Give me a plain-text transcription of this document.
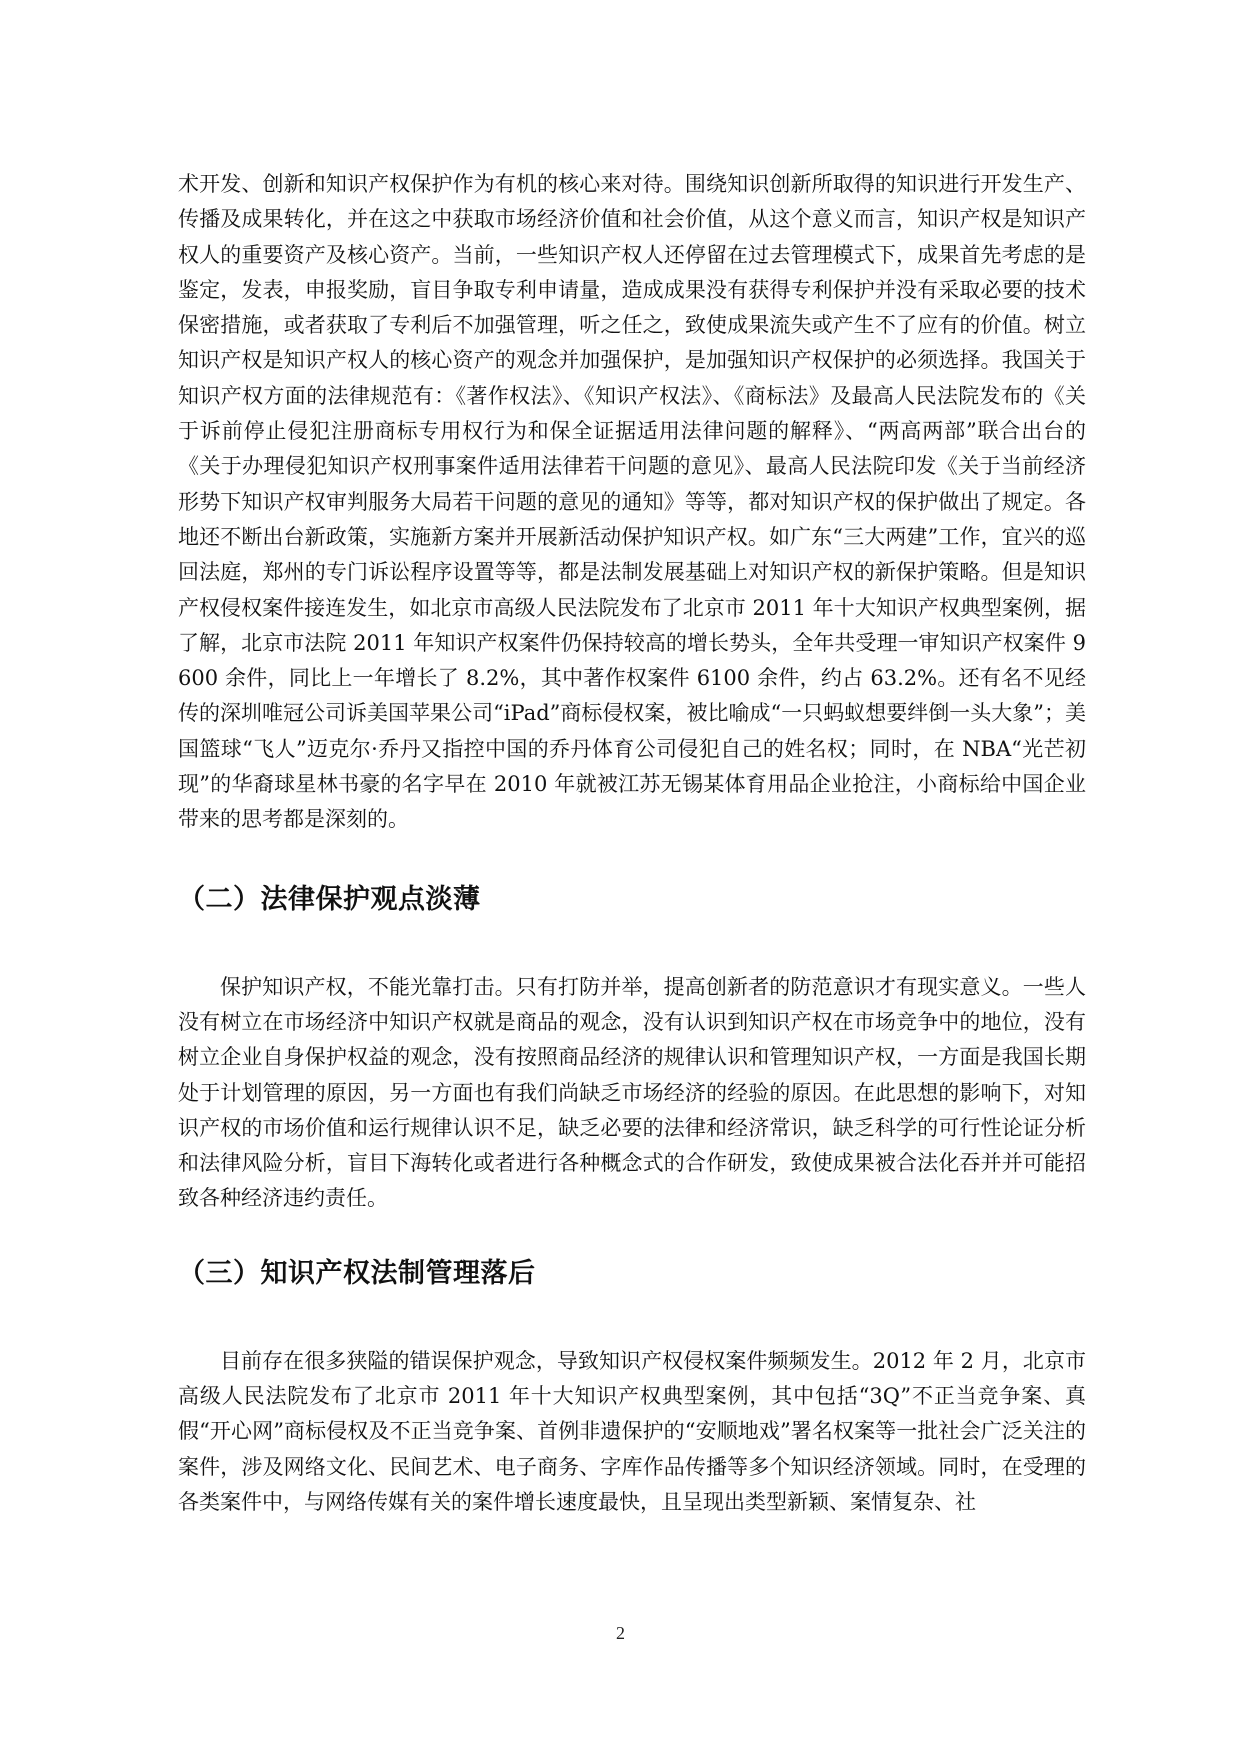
术开发、创新和知识产权保护作为有机的核心来对待。围绕知识创新所取得的知识进行开发生产、传播及成果转化，并在这之中获取市场经济价值和社会价值，从这个意义而言，知识产权是知识产权人的重要资产及核心资产。当前，一些知识产权人还停留在过去管理模式下，成果首先考虑的是鉴定，发表，申报奖励，盲目争取专利申请量，造成成果没有获得专利保护并没有采取必要的技术保密措施，或者获取了专利后不加强管理，听之任之，致使成果流失或产生不了应有的价值。树立知识产权是知识产权人的核心资产的观念并加强保护，是加强知识产权保护的必须选择。我国关于知识产权方面的法律规范有：《著作权法》、《知识产权法》、《商标法》及最高人民法院发布的《关于诉前停止侵犯注册商标专用权行为和保全证据适用法律问题的解释》、“两高两部”联合出台的《关于办理侵犯知识产权刑事案件适用法律若干问题的意见》、最高人民法院印发《关于当前经济形势下知识产权审判服务大局若干问题的意见的通知》等等，都对知识产权的保护做出了规定。各地还不断出台新政策，实施新方案并开展新活动保护知识产权。如广东“三大两建”工作，宜兴的巡回法庭，郑州的专门诉讼程序设置等等，都是法制发展基础上对知识产权的新保护策略。但是知识产权侵权案件接连发生，如北京市高级人民法院发布了北京市 2011 年十大知识产权典型案例，据了解，北京市法院 2011 年知识产权案件仍保持较高的增长势头，全年共受理一审知识产权案件 9600 余件，同比上一年增长了 8.2%，其中著作权案件 6100 余件，约占 63.2%。还有名不见经传的深圳唯冠公司诉美国苹果公司“iPad”商标侵权案，被比喻成“一只蚂蚁想要绊倒一头大象”；美国篮球“飞人”迈克尔·乔丹又指控中国的乔丹体育公司侵犯自己的姓名权；同时，在 NBA“光芒初现”的华裔球星林书豪的名字早在 2010 年就被江苏无锡某体育用品企业抢注，小商标给中国企业带来的思考都是深刻的。

（二）法律保护观点淡薄

保护知识产权，不能光靠打击。只有打防并举，提高创新者的防范意识才有现实意义。一些人没有树立在市场经济中知识产权就是商品的观念，没有认识到知识产权在市场竞争中的地位，没有树立企业自身保护权益的观念，没有按照商品经济的规律认识和管理知识产权，一方面是我国长期处于计划管理的原因，另一方面也有我们尚缺乏市场经济的经验的原因。在此思想的影响下，对知识产权的市场价值和运行规律认识不足，缺乏必要的法律和经济常识，缺乏科学的可行性论证分析和法律风险分析，盲目下海转化或者进行各种概念式的合作研发，致使成果被合法化吞并并可能招致各种经济违约责任。

（三）知识产权法制管理落后

目前存在很多狭隘的错误保护观念，导致知识产权侵权案件频频发生。2012 年 2 月，北京市高级人民法院发布了北京市 2011 年十大知识产权典型案例，其中包括“3Q”不正当竞争案、真假“开心网”商标侵权及不正当竞争案、首例非遗保护的“安顺地戏”署名权案等一批社会广泛关注的案件，涉及网络文化、民间艺术、电子商务、字库作品传播等多个知识经济领域。同时，在受理的各类案件中，与网络传媒有关的案件增长速度最快，且呈现出类型新颖、案情复杂、社

2
